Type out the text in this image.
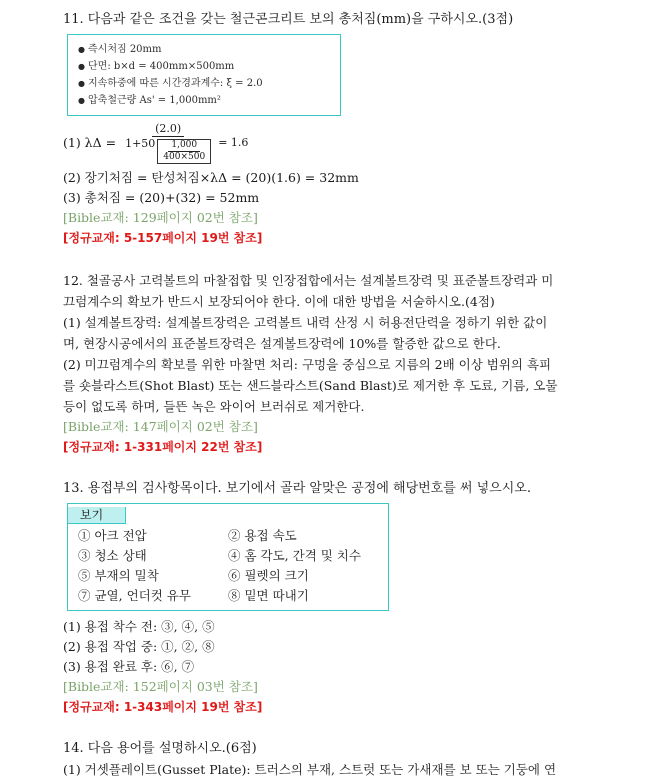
11. 다음과 같은 조건을 갖는 철근콘크리트 보의 총처짐(mm)을 구하시오.(3점)

● 즉시처짐 20mm
● 단면: b×d = 400mm×500mm
● 지속하중에 따른 시간경과계수: ξ = 2.0
● 압축철근량 As' = 1,000mm²
(1) $\lambda\Delta = \frac{(2.0)}{1+50 \frac{1,000}{400\times 500}} = 1.6$

(2) 장기처짐 = 탄성처짐×λΔ = (20)(1.6) = 32mm

(3) 총처짐 = (20)+(32) = 52mm

[Bible교재: 129페이지 02번 참조]

[정규교재: 5-157페이지 19번 참조]

12. 철골공사 고력볼트의 마찰접합 및 인장접합에서는 설계볼트장력 및 표준볼트장력과 미

끄럼계수의 확보가 반드시 보장되어야 한다. 이에 대한 방법을 서술하시오.(4점)

(1) 설계볼트장력: 설계볼트장력은 고력볼트 내력 산정 시 허용전단력을 정하기 위한 값이

며, 현장시공에서의 표준볼트장력은 설계볼트장력에 10%를 할증한 값으로 한다.

(2) 미끄럼계수의 확보를 위한 마찰면 처리: 구멍을 중심으로 지름의 2배 이상 범위의 흑피

를 숏블라스트(Shot Blast) 또는 샌드블라스트(Sand Blast)로 제거한 후 도료, 기름, 오물

등이 없도록 하며, 들뜬 녹은 와이어 브러쉬로 제거한다.

[Bible교재: 147페이지 02번 참조]

[정규교재: 1-331페이지 22번 참조]

13. 용접부의 검사항목이다. 보기에서 골라 알맞은 공정에 해당번호를 써 넣으시오.

보기
① 아크 전압	② 용접 속도
③ 청소 상태	④ 홈 각도, 간격 및 치수
⑤ 부재의 밀착	⑥ 필렛의 크기
⑦ 균열, 언더컷 유무	⑧ 밑면 따내기

(1) 용접 착수 전: ③, ④, ⑤

(2) 용접 작업 중: ①, ②, ⑧

(3) 용접 완료 후: ⑥, ⑦

[Bible교재: 152페이지 03번 참조]

[정규교재: 1-343페이지 19번 참조]

14. 다음 용어를 설명하시오.(6점)

(1) 거셋플레이트(Gusset Plate): 트러스의 부재, 스트럿 또는 가새재를 보 또는 기둥에 연
